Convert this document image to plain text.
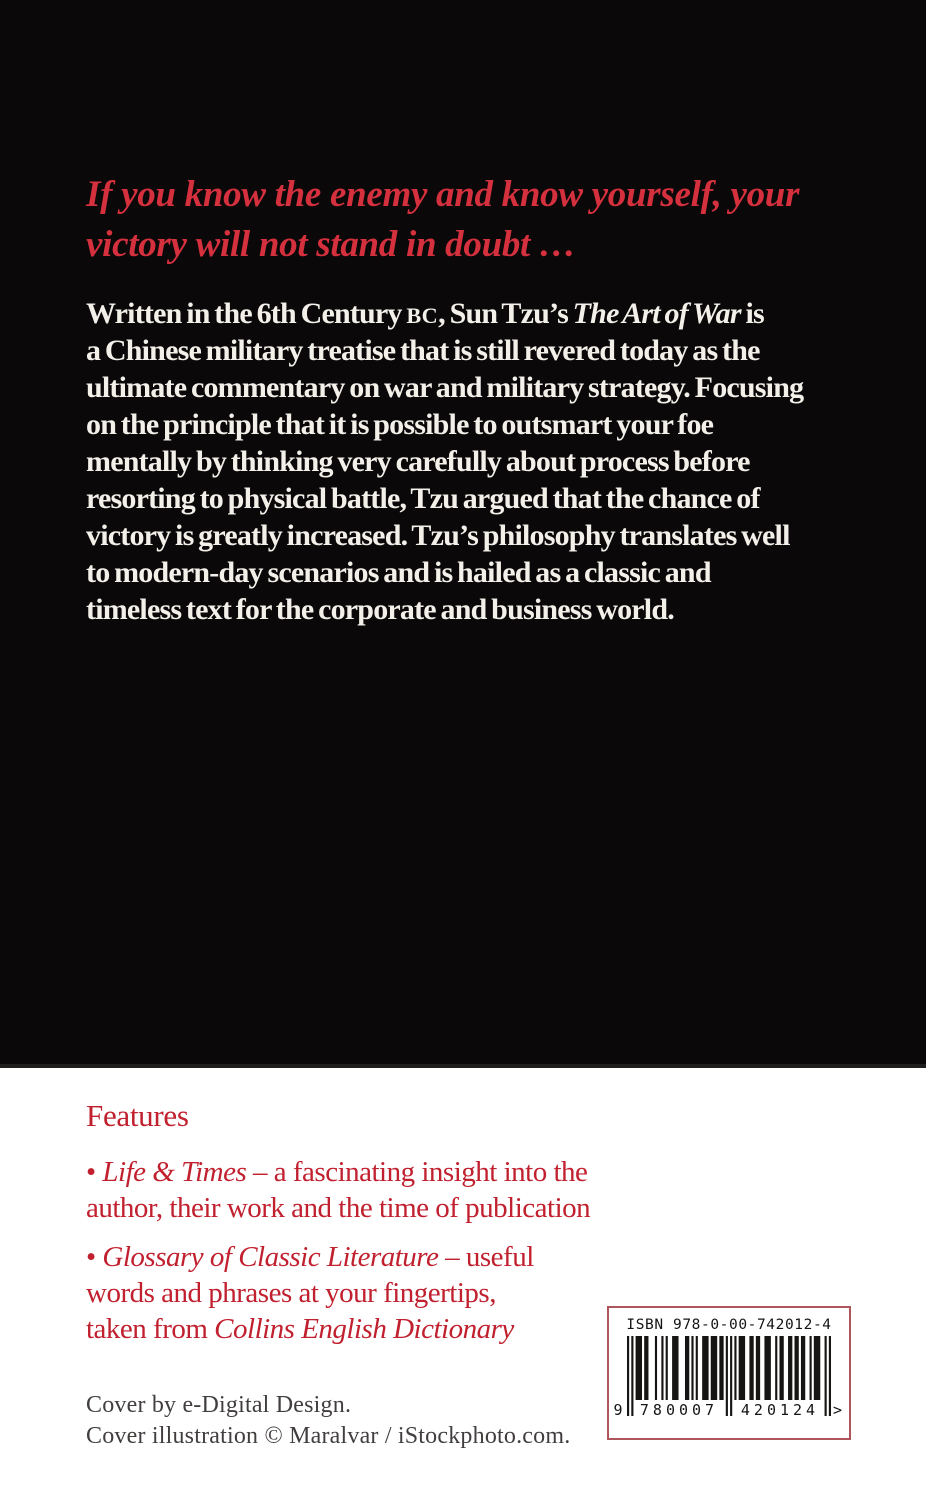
If you know the enemy and know yourself, your
victory will not stand in doubt …
Written in the 6th Century BC, Sun Tzu’s The Art of War is
a Chinese military treatise that is still revered today as the
ultimate commentary on war and military strategy. Focusing
on the principle that it is possible to outsmart your foe
mentally by thinking very carefully about process before
resorting to physical battle, Tzu argued that the chance of
victory is greatly increased. Tzu’s philosophy translates well
to modern-day scenarios and is hailed as a classic and
timeless text for the corporate and business world.
Features
• Life & Times – a fascinating insight into the
author, their work and the time of publication
• Glossary of Classic Literature – useful
words and phrases at your fingertips,
taken from Collins English Dictionary
Cover by e-Digital Design.
Cover illustration © Maralvar / iStockphoto.com.
ISBN 978-0-00-742012-4
9	780007	420124 >
